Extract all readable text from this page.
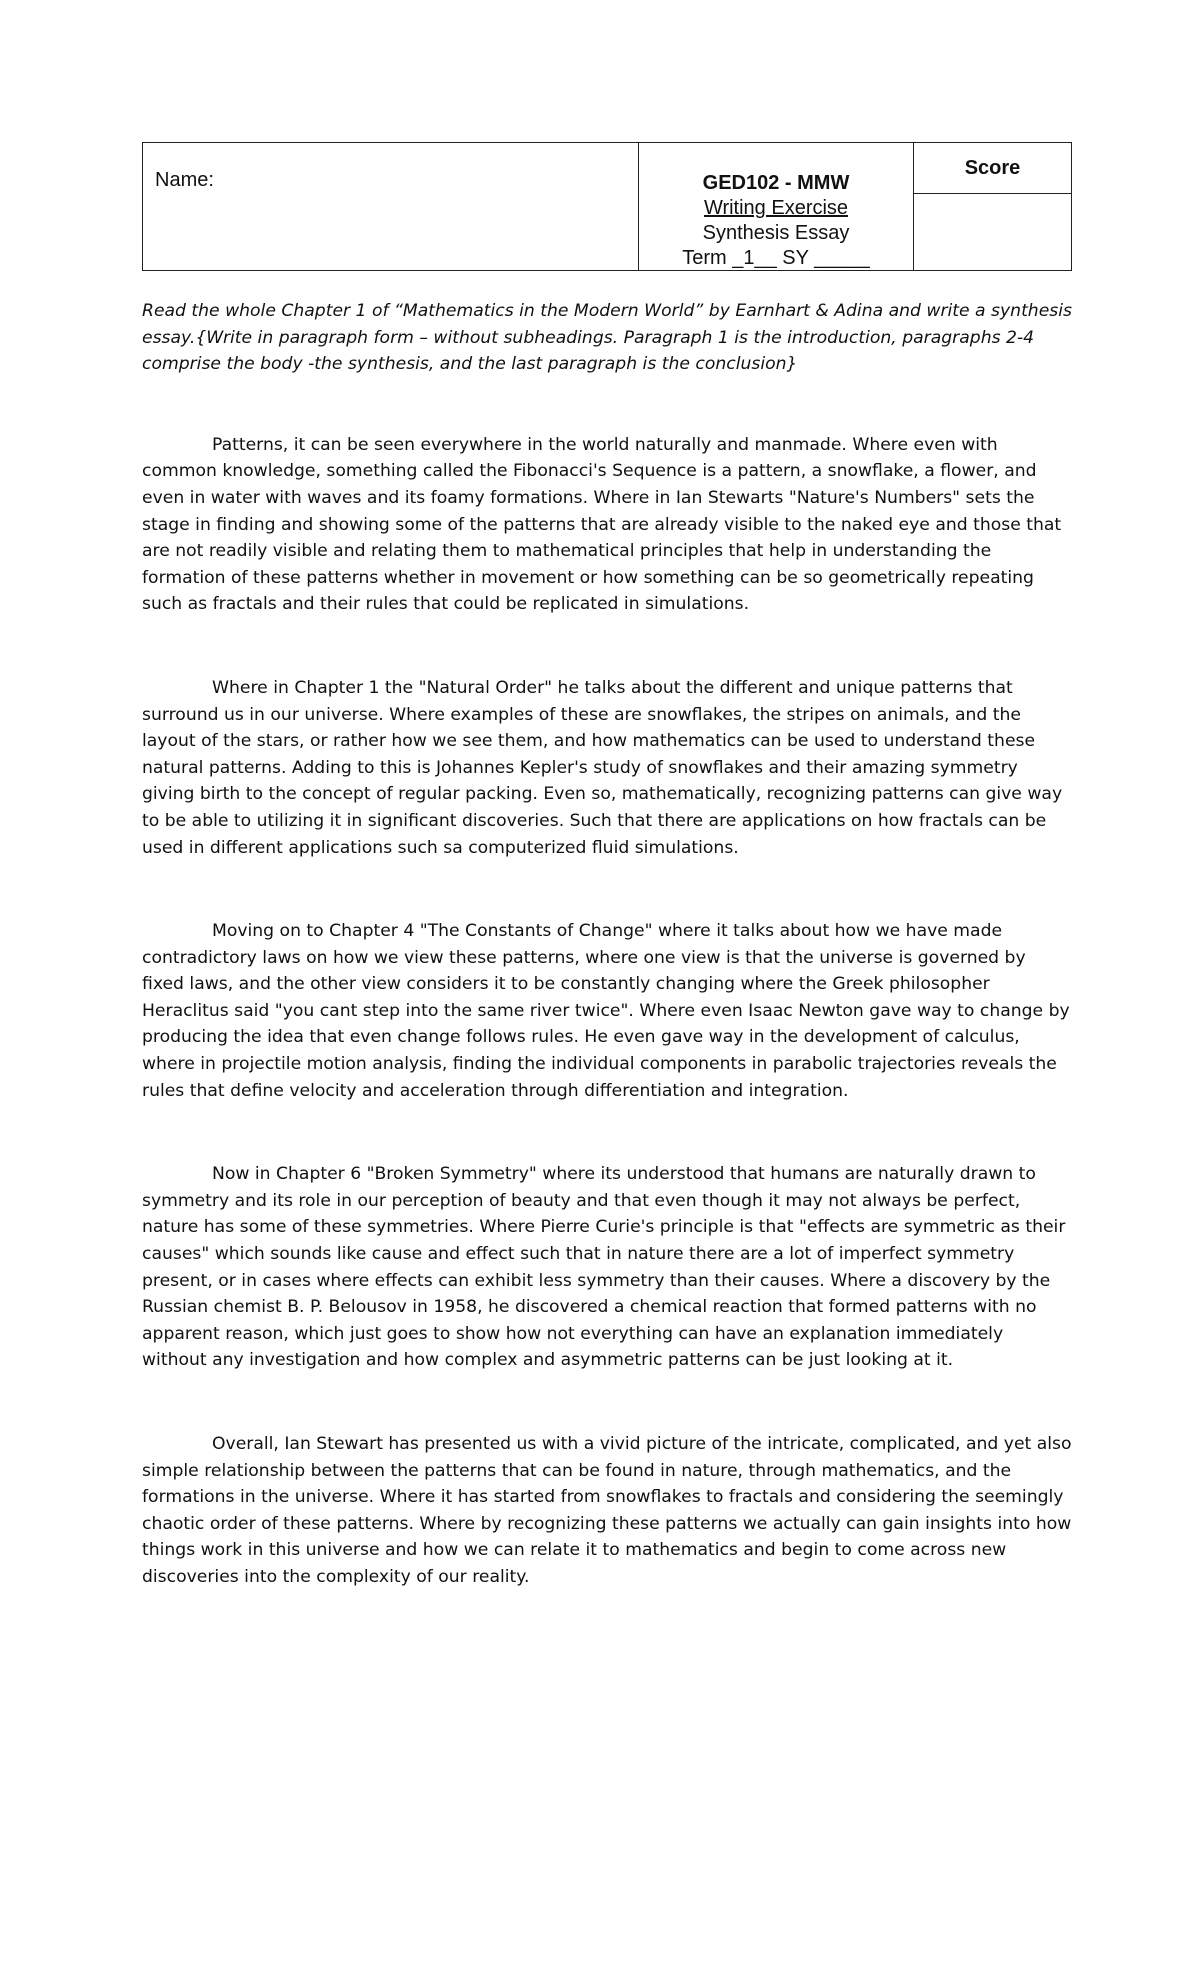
Name:	GED102 - MMW
Writing Exercise
Synthesis Essay
Term _1__ SY _____
Score

Read the whole Chapter 1 of “Mathematics in the Modern World” by Earnhart & Adina and write a synthesis essay.{Write in paragraph form – without subheadings. Paragraph 1 is the introduction, paragraphs 2-4 comprise the body -the synthesis, and the last paragraph is the conclusion}

Patterns, it can be seen everywhere in the world naturally and manmade. Where even with common knowledge, something called the Fibonacci's Sequence is a pattern, a snowflake, a flower, and even in water with waves and its foamy formations. Where in Ian Stewarts "Nature's Numbers" sets the stage in finding and showing some of the patterns that are already visible to the naked eye and those that are not readily visible and relating them to mathematical principles that help in understanding the formation of these patterns whether in movement or how something can be so geometrically repeating such as fractals and their rules that could be replicated in simulations.

Where in Chapter 1 the "Natural Order" he talks about the different and unique patterns that surround us in our universe. Where examples of these are snowflakes, the stripes on animals, and the layout of the stars, or rather how we see them, and how mathematics can be used to understand these natural patterns. Adding to this is Johannes Kepler's study of snowflakes and their amazing symmetry giving birth to the concept of regular packing. Even so, mathematically, recognizing patterns can give way to be able to utilizing it in significant discoveries. Such that there are applications on how fractals can be used in different applications such sa computerized fluid simulations.

Moving on to Chapter 4 "The Constants of Change" where it talks about how we have made contradictory laws on how we view these patterns, where one view is that the universe is governed by fixed laws, and the other view considers it to be constantly changing where the Greek philosopher Heraclitus said "you cant step into the same river twice". Where even Isaac Newton gave way to change by producing the idea that even change follows rules. He even gave way in the development of calculus, where in projectile motion analysis, finding the individual components in parabolic trajectories reveals the rules that define velocity and acceleration through differentiation and integration.

Now in Chapter 6 "Broken Symmetry" where its understood that humans are naturally drawn to symmetry and its role in our perception of beauty and that even though it may not always be perfect, nature has some of these symmetries. Where Pierre Curie's principle is that "effects are symmetric as their causes" which sounds like cause and effect such that in nature there are a lot of imperfect symmetry present, or in cases where effects can exhibit less symmetry than their causes. Where a discovery by the Russian chemist B. P. Belousov in 1958, he discovered a chemical reaction that formed patterns with no apparent reason, which just goes to show how not everything can have an explanation immediately without any investigation and how complex and asymmetric patterns can be just looking at it.

Overall, Ian Stewart has presented us with a vivid picture of the intricate, complicated, and yet also simple relationship between the patterns that can be found in nature, through mathematics, and the formations in the universe. Where it has started from snowflakes to fractals and considering the seemingly chaotic order of these patterns. Where by recognizing these patterns we actually can gain insights into how things work in this universe and how we can relate it to mathematics and begin to come across new discoveries into the complexity of our reality.
